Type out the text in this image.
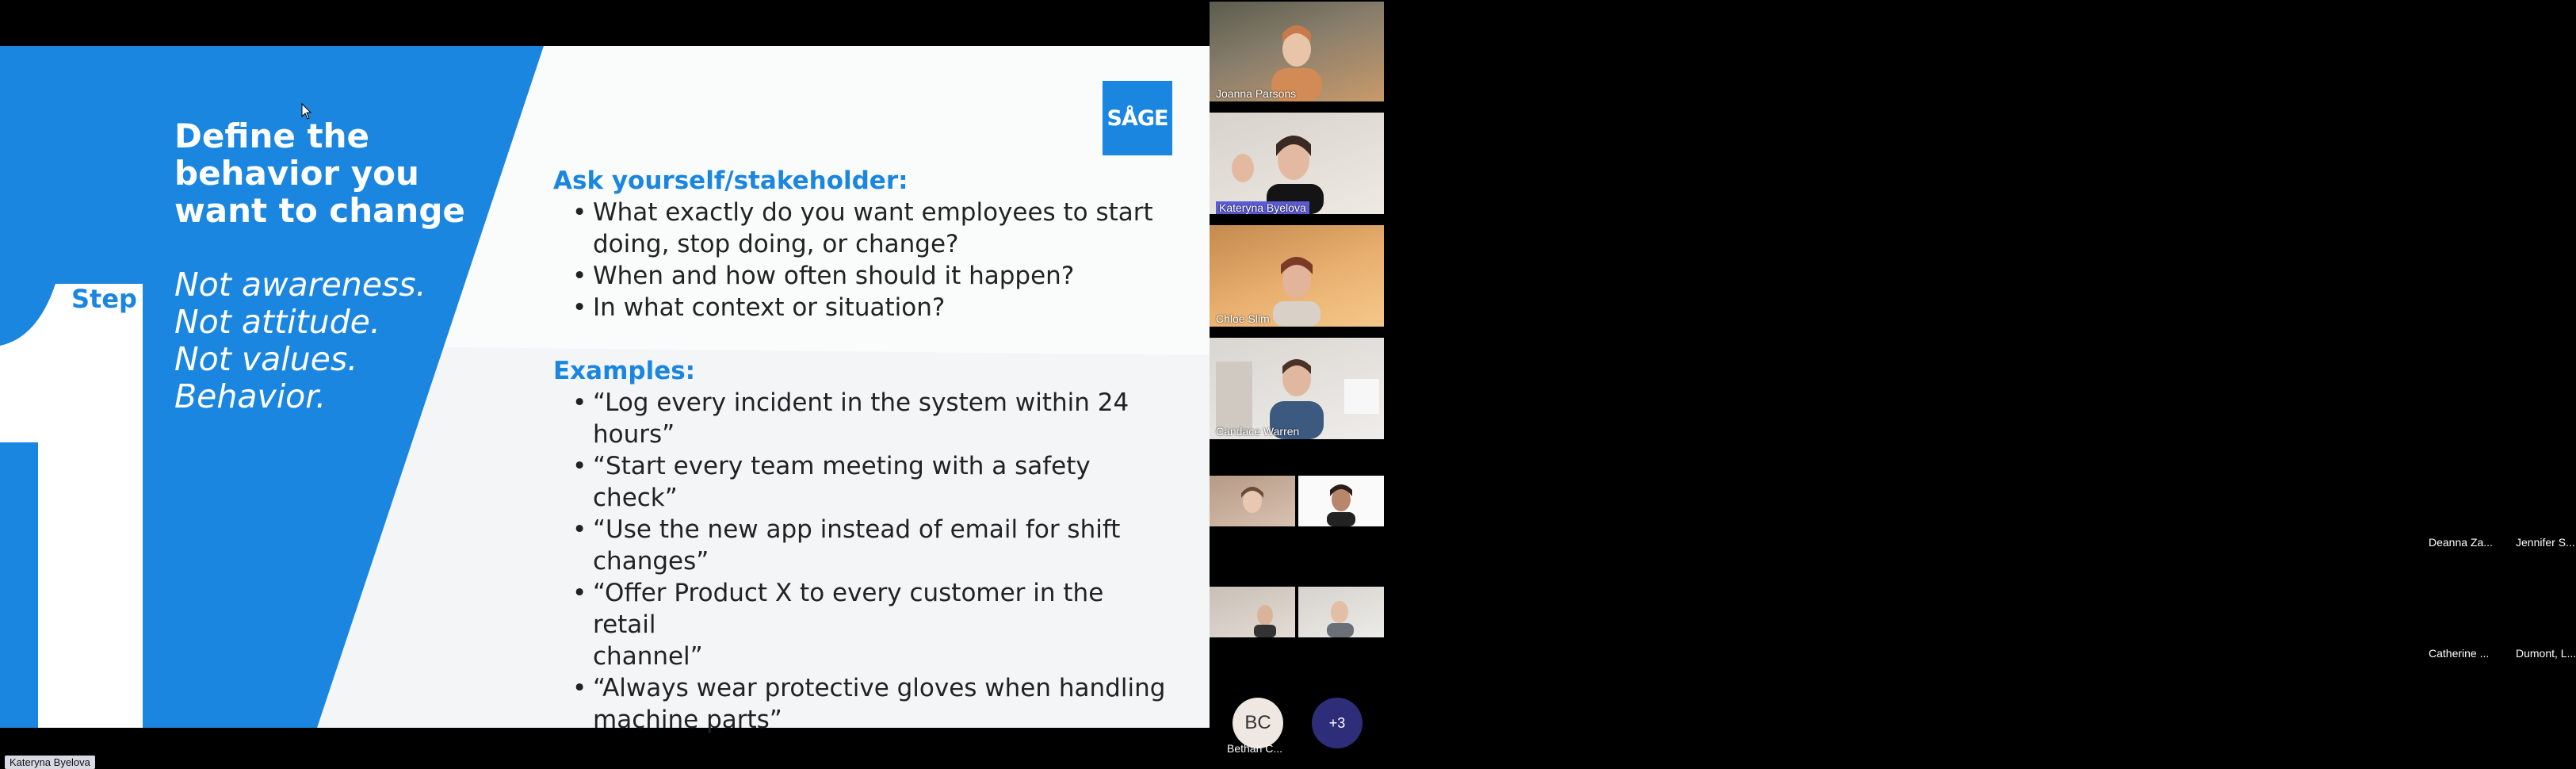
Step
Define the behavior you want to change
Not awareness.
Not attitude.
Not values.
Behavior.
SÅGE
Ask yourself/stakeholder:
• What exactly do you want employees to start
doing, stop doing, or change?
• When and how often should it happen?
• In what context or situation?
Examples:
• “Log every incident in the system within 24
hours”
• “Start every team meeting with a safety check”
• “Use the new app instead of email for shift
changes”
• “Offer Product X to every customer in the retail
channel”
• “Always wear protective gloves when handling
machine parts”
Kateryna Byelova
Joanna Parsons
Kateryna Byelova
Chloe Slim
Candace Warren
Deanna Za... Jennifer S...
Catherine ... Dumont, L...
BC
Bethan C...
+3
